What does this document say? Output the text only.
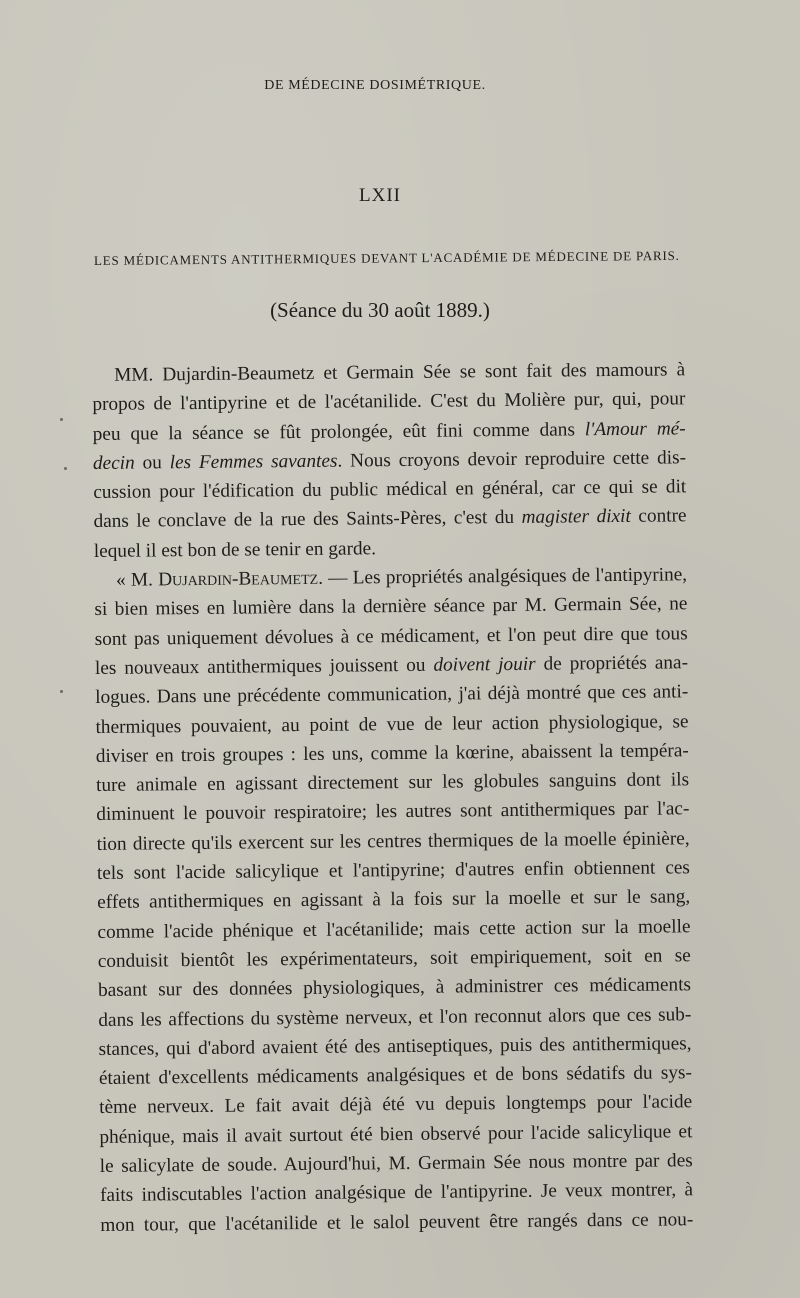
DE MÉDECINE DOSIMÉTRIQUE.
LXII
LES MÉDICAMENTS ANTITHERMIQUES DEVANT L'ACADÉMIE DE MÉDECINE DE PARIS.
(Séance du 30 août 1889.)
MM. Dujardin-Beaumetz et Germain Sée se sont fait des mamours à
propos de l'antipyrine et de l'acétanilide. C'est du Molière pur, qui, pour
peu que la séance se fût prolongée, eût fini comme dans l'Amour mé-
decin ou les Femmes savantes. Nous croyons devoir reproduire cette dis-
cussion pour l'édification du public médical en général, car ce qui se dit
dans le conclave de la rue des Saints-Pères, c'est du magister dixit contre
lequel il est bon de se tenir en garde.
« M. Dujardin-Beaumetz. — Les propriétés analgésiques de l'antipyrine,
si bien mises en lumière dans la dernière séance par M. Germain Sée, ne
sont pas uniquement dévolues à ce médicament, et l'on peut dire que tous
les nouveaux antithermiques jouissent ou doivent jouir de propriétés ana-
logues. Dans une précédente communication, j'ai déjà montré que ces anti-
thermiques pouvaient, au point de vue de leur action physiologique, se
diviser en trois groupes : les uns, comme la kœrine, abaissent la tempéra-
ture animale en agissant directement sur les globules sanguins dont ils
diminuent le pouvoir respiratoire; les autres sont antithermiques par l'ac-
tion directe qu'ils exercent sur les centres thermiques de la moelle épinière,
tels sont l'acide salicylique et l'antipyrine; d'autres enfin obtiennent ces
effets antithermiques en agissant à la fois sur la moelle et sur le sang,
comme l'acide phénique et l'acétanilide; mais cette action sur la moelle
conduisit bientôt les expérimentateurs, soit empiriquement, soit en se
basant sur des données physiologiques, à administrer ces médicaments
dans les affections du système nerveux, et l'on reconnut alors que ces sub-
stances, qui d'abord avaient été des antiseptiques, puis des antithermiques,
étaient d'excellents médicaments analgésiques et de bons sédatifs du sys-
tème nerveux. Le fait avait déjà été vu depuis longtemps pour l'acide
phénique, mais il avait surtout été bien observé pour l'acide salicylique et
le salicylate de soude. Aujourd'hui, M. Germain Sée nous montre par des
faits indiscutables l'action analgésique de l'antipyrine. Je veux montrer, à
mon tour, que l'acétanilide et le salol peuvent être rangés dans ce nou-
